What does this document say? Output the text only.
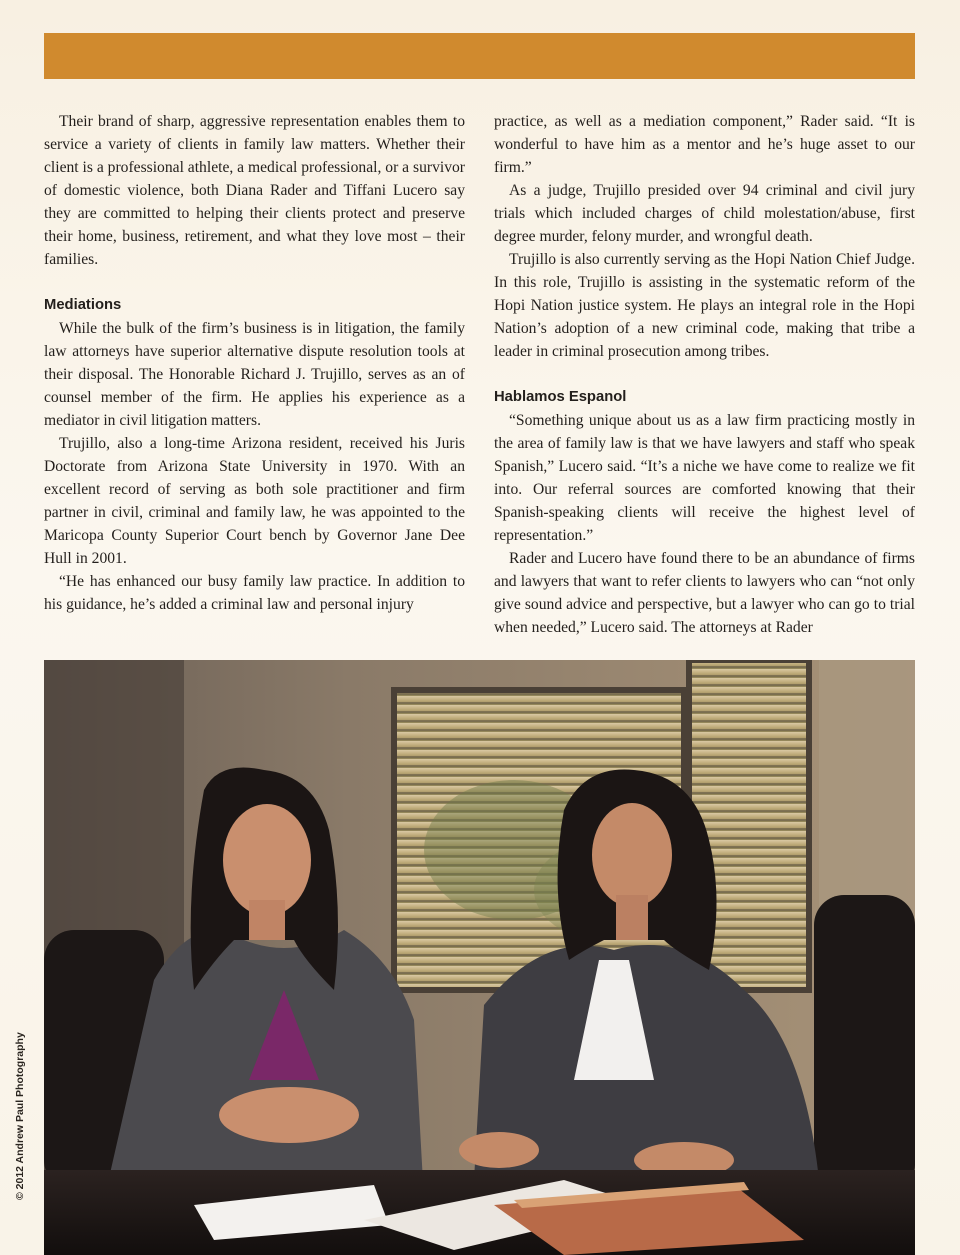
Their brand of sharp, aggressive representation enables them to service a variety of clients in family law matters. Whether their client is a professional athlete, a medical professional, or a survivor of domestic violence, both Diana Rader and Tiffani Lucero say they are committed to helping their clients protect and preserve their home, business, retirement, and what they love most – their families.

Mediations

While the bulk of the firm’s business is in litigation, the family law attorneys have superior alternative dispute resolution tools at their disposal. The Honorable Richard J. Trujillo, serves as an of counsel member of the firm. He applies his experience as a mediator in civil litigation matters.

Trujillo, also a long-time Arizona resident, received his Juris Doctorate from Arizona State University in 1970. With an excellent record of serving as both sole practitioner and firm partner in civil, criminal and family law, he was appointed to the Maricopa County Superior Court bench by Governor Jane Dee Hull in 2001.

“He has enhanced our busy family law practice. In addition to his guidance, he’s added a criminal law and personal injury

practice, as well as a mediation component,” Rader said. “It is wonderful to have him as a mentor and he’s huge asset to our firm.”

As a judge, Trujillo presided over 94 criminal and civil jury trials which included charges of child molestation/abuse, first degree murder, felony murder, and wrongful death.

Trujillo is also currently serving as the Hopi Nation Chief Judge. In this role, Trujillo is assisting in the systematic reform of the Hopi Nation justice system. He plays an integral role in the Hopi Nation’s adoption of a new criminal code, making that tribe a leader in criminal prosecution among tribes.

Hablamos Espanol

“Something unique about us as a law firm practicing mostly in the area of family law is that we have lawyers and staff who speak Spanish,” Lucero said. “It’s a niche we have come to realize we fit into. Our referral sources are comforted knowing that their Spanish-speaking clients will receive the highest level of representation.”

Rader and Lucero have found there to be an abundance of firms and lawyers that want to refer clients to lawyers who can “not only give sound advice and perspective, but a lawyer who can go to trial when needed,” Lucero said. The attorneys at Rader

© 2012 Andrew Paul Photography
